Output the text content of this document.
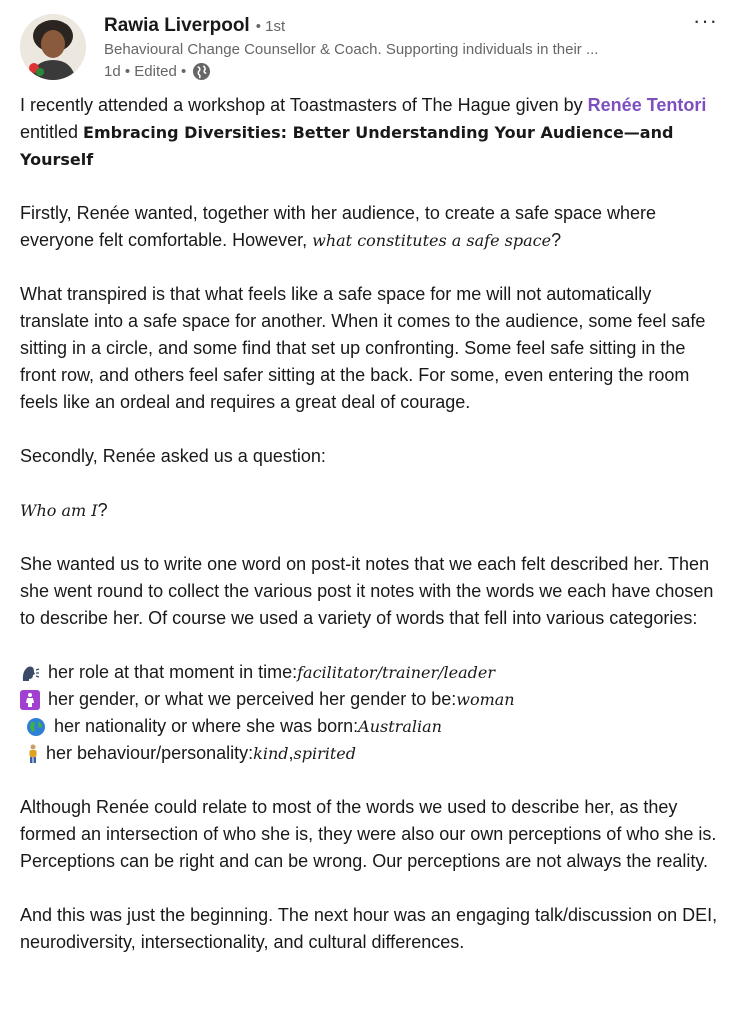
Rawia Liverpool • 1st
Behavioural Change Counsellor & Coach. Supporting individuals in their ...
1d • Edited •
···

I recently attended a workshop at Toastmasters of The Hague given by Renée Tentori entitled Embracing Diversities: Better Understanding Your Audience—and Yourself

Firstly, Renée wanted, together with her audience, to create a safe space where everyone felt comfortable. However, what constitutes a safe space?

What transpired is that what feels like a safe space for me will not automatically translate into a safe space for another. When it comes to the audience, some feel safe sitting in a circle, and some find that set up confronting. Some feel safe sitting in the front row, and others feel safer sitting at the back. For some, even entering the room feels like an ordeal and requires a great deal of courage.

Secondly, Renée asked us a question:

Who am I?

She wanted us to write one word on post-it notes that we each felt described her. Then she went round to collect the various post it notes with the words we each have chosen to describe her. Of course we used a variety of words that fell into various categories:

her role at that moment in time: facilitator/trainer/leader
her gender, or what we perceived her gender to be: woman
her nationality or where she was born: Australian
her behaviour/personality: kind , spirited

Although Renée could relate to most of the words we used to describe her, as they formed an intersection of who she is, they were also our own perceptions of who she is. Perceptions can be right and can be wrong. Our perceptions are not always the reality.

And this was just the beginning. The next hour was an engaging talk/discussion on DEI, neurodiversity, intersectionality, and cultural differences.
